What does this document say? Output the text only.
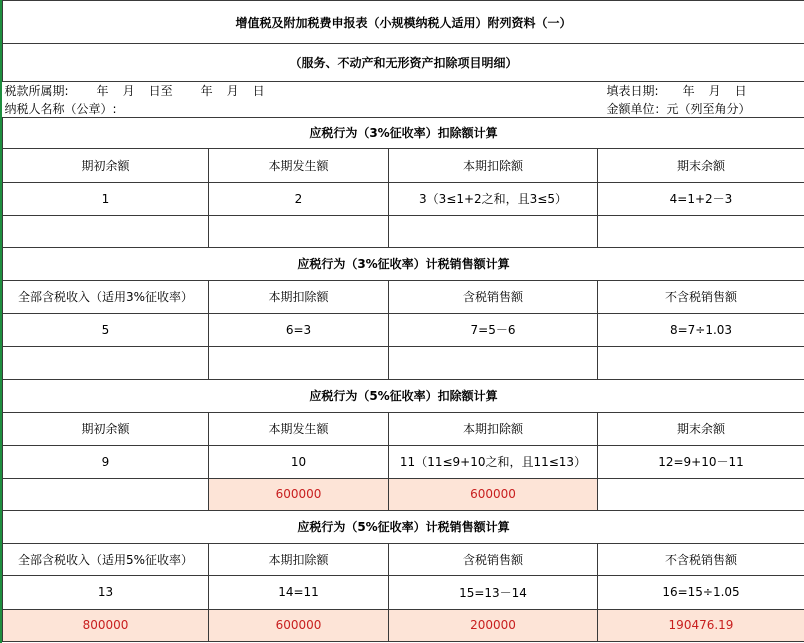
增值税及附加税费申报表（小规模纳税人适用）附列资料（一）			
（服务、不动产和无形资产扣除项目明细）			

税款所属期: 年 月 日至 年 月 日 填表日期: 年 月 日			

纳税人名称（公章）: 金额单位：元（列至角分）			

应税行为（3%征收率）扣除额计算			
期初余额	本期发生额	本期扣除额	期末余额
1	2	3（3≤1+2之和，且3≤5）	4=1+2－3

应税行为（3%征收率）计税销售额计算			
全部含税收入（适用3%征收率）	本期扣除额	含税销售额	不含税销售额
5	6=3	7=5－6	8=7÷1.03

应税行为（5%征收率）扣除额计算			
期初余额	本期发生额	本期扣除额	期末余额
9	10	11（11≤9+10之和，且11≤13）	12=9+10－11
	600000	600000	
应税行为（5%征收率）计税销售额计算			
全部含税收入（适用5%征收率）	本期扣除额	含税销售额	不含税销售额
13	14=11	15=13－14	16=15÷1.05
800000	600000	200000	190476.19
